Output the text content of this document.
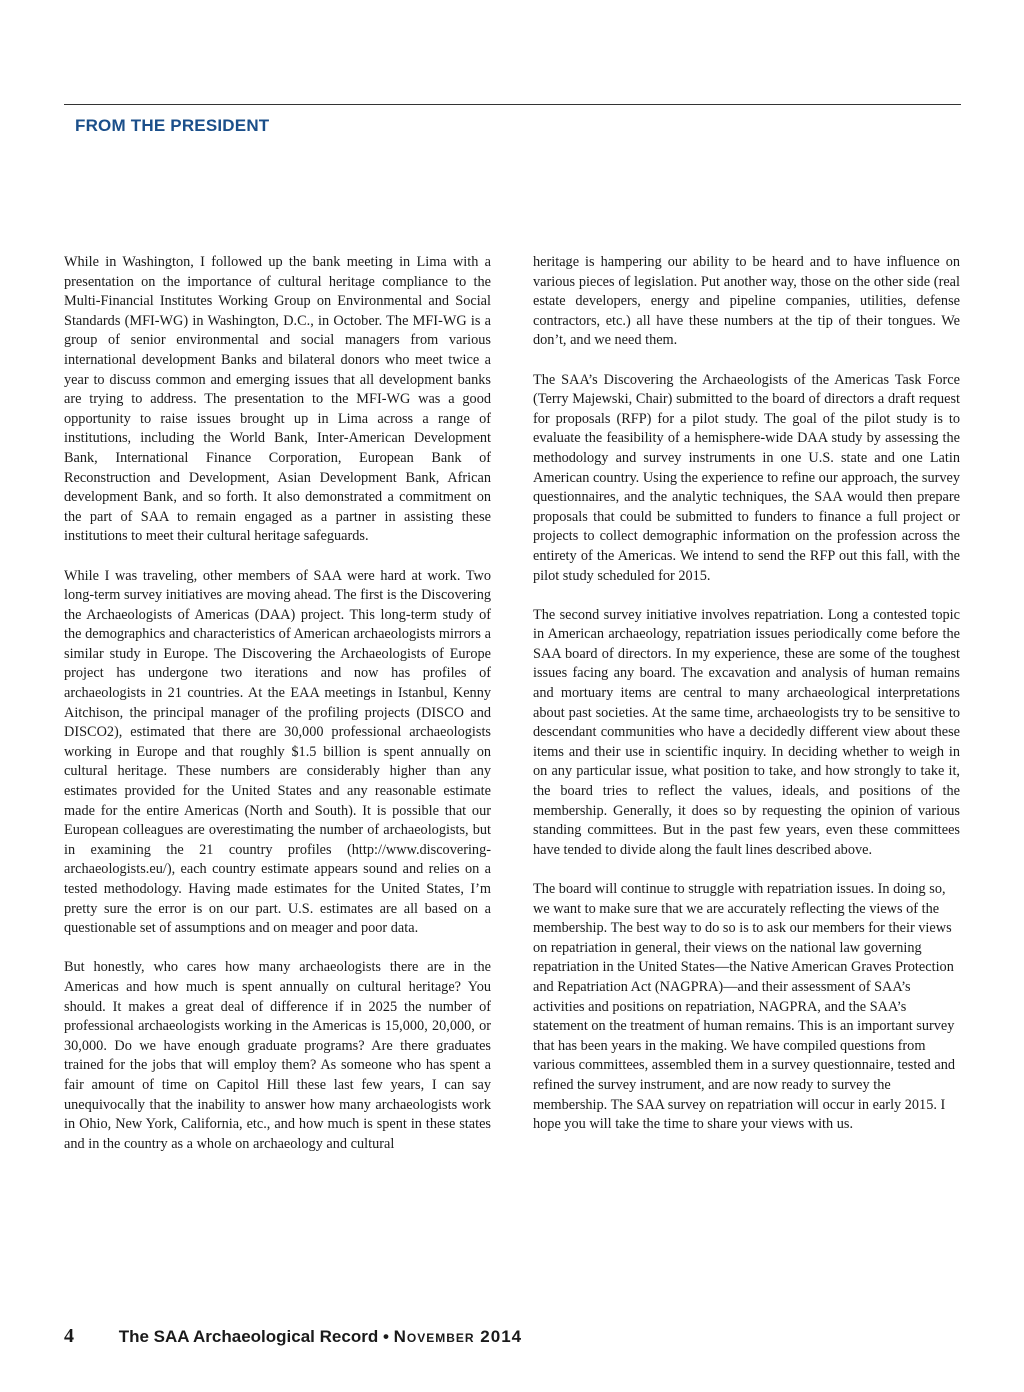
FROM THE PRESIDENT

While in Washington, I followed up the bank meeting in Lima with a presentation on the importance of cultural heritage compliance to the Multi-Financial Institutes Working Group on Environmental and Social Standards (MFI-WG) in Washington, D.C., in October. The MFI-WG is a group of senior environmental and social managers from various international development Banks and bilateral donors who meet twice a year to discuss common and emerging issues that all development banks are trying to address. The presentation to the MFI-WG was a good opportunity to raise issues brought up in Lima across a range of institutions, including the World Bank, Inter-American Development Bank, International Finance Corporation, European Bank of Reconstruction and Development, Asian Development Bank, African development Bank, and so forth. It also demonstrated a commitment on the part of SAA to remain engaged as a partner in assisting these institutions to meet their cultural heritage safeguards.

While I was traveling, other members of SAA were hard at work. Two long-term survey initiatives are moving ahead. The first is the Discovering the Archaeologists of Americas (DAA) project. This long-term study of the demographics and characteristics of American archaeologists mirrors a similar study in Europe. The Discovering the Archaeologists of Europe project has undergone two iterations and now has profiles of archaeologists in 21 countries. At the EAA meetings in Istanbul, Kenny Aitchison, the principal manager of the profiling projects (DISCO and DISCO2), estimated that there are 30,000 professional archaeologists working in Europe and that roughly $1.5 billion is spent annually on cultural heritage. These numbers are considerably higher than any estimates provided for the United States and any reasonable estimate made for the entire Americas (North and South). It is possible that our European colleagues are overestimating the number of archaeologists, but in examining the 21 country profiles (http://www.discovering-archaeologists.eu/), each country estimate appears sound and relies on a tested methodology. Having made estimates for the United States, I’m pretty sure the error is on our part. U.S. estimates are all based on a questionable set of assumptions and on meager and poor data.

But honestly, who cares how many archaeologists there are in the Americas and how much is spent annually on cultural heritage? You should. It makes a great deal of difference if in 2025 the number of professional archaeologists working in the Americas is 15,000, 20,000, or 30,000. Do we have enough graduate programs? Are there graduates trained for the jobs that will employ them? As someone who has spent a fair amount of time on Capitol Hill these last few years, I can say unequivocally that the inability to answer how many archaeologists work in Ohio, New York, California, etc., and how much is spent in these states and in the country as a whole on archaeology and cultural

heritage is hampering our ability to be heard and to have influence on various pieces of legislation. Put another way, those on the other side (real estate developers, energy and pipeline companies, utilities, defense contractors, etc.) all have these numbers at the tip of their tongues. We don’t, and we need them.

The SAA’s Discovering the Archaeologists of the Americas Task Force (Terry Majewski, Chair) submitted to the board of directors a draft request for proposals (RFP) for a pilot study. The goal of the pilot study is to evaluate the feasibility of a hemisphere-wide DAA study by assessing the methodology and survey instruments in one U.S. state and one Latin American country. Using the experience to refine our approach, the survey questionnaires, and the analytic techniques, the SAA would then prepare proposals that could be submitted to funders to finance a full project or projects to collect demographic information on the profession across the entirety of the Americas. We intend to send the RFP out this fall, with the pilot study scheduled for 2015.

The second survey initiative involves repatriation. Long a contested topic in American archaeology, repatriation issues periodically come before the SAA board of directors. In my experience, these are some of the toughest issues facing any board. The excavation and analysis of human remains and mortuary items are central to many archaeological interpretations about past societies. At the same time, archaeologists try to be sensitive to descendant communities who have a decidedly different view about these items and their use in scientific inquiry. In deciding whether to weigh in on any particular issue, what position to take, and how strongly to take it, the board tries to reflect the values, ideals, and positions of the membership. Generally, it does so by requesting the opinion of various standing committees. But in the past few years, even these committees have tended to divide along the fault lines described above.

The board will continue to struggle with repatriation issues. In doing so, we want to make sure that we are accurately reflecting the views of the membership. The best way to do so is to ask our members for their views on repatriation in general, their views on the national law governing repatriation in the United States—the Native American Graves Protection and Repatriation Act (NAGPRA)—and their assessment of SAA’s activities and positions on repatriation, NAGPRA, and the SAA’s statement on the treatment of human remains. This is an important survey that has been years in the making. We have compiled questions from various committees, assembled them in a survey questionnaire, tested and refined the survey instrument, and are now ready to survey the membership. The SAA survey on repatriation will occur in early 2015. I hope you will take the time to share your views with us.

4	The SAA Archaeological Record • November 2014
